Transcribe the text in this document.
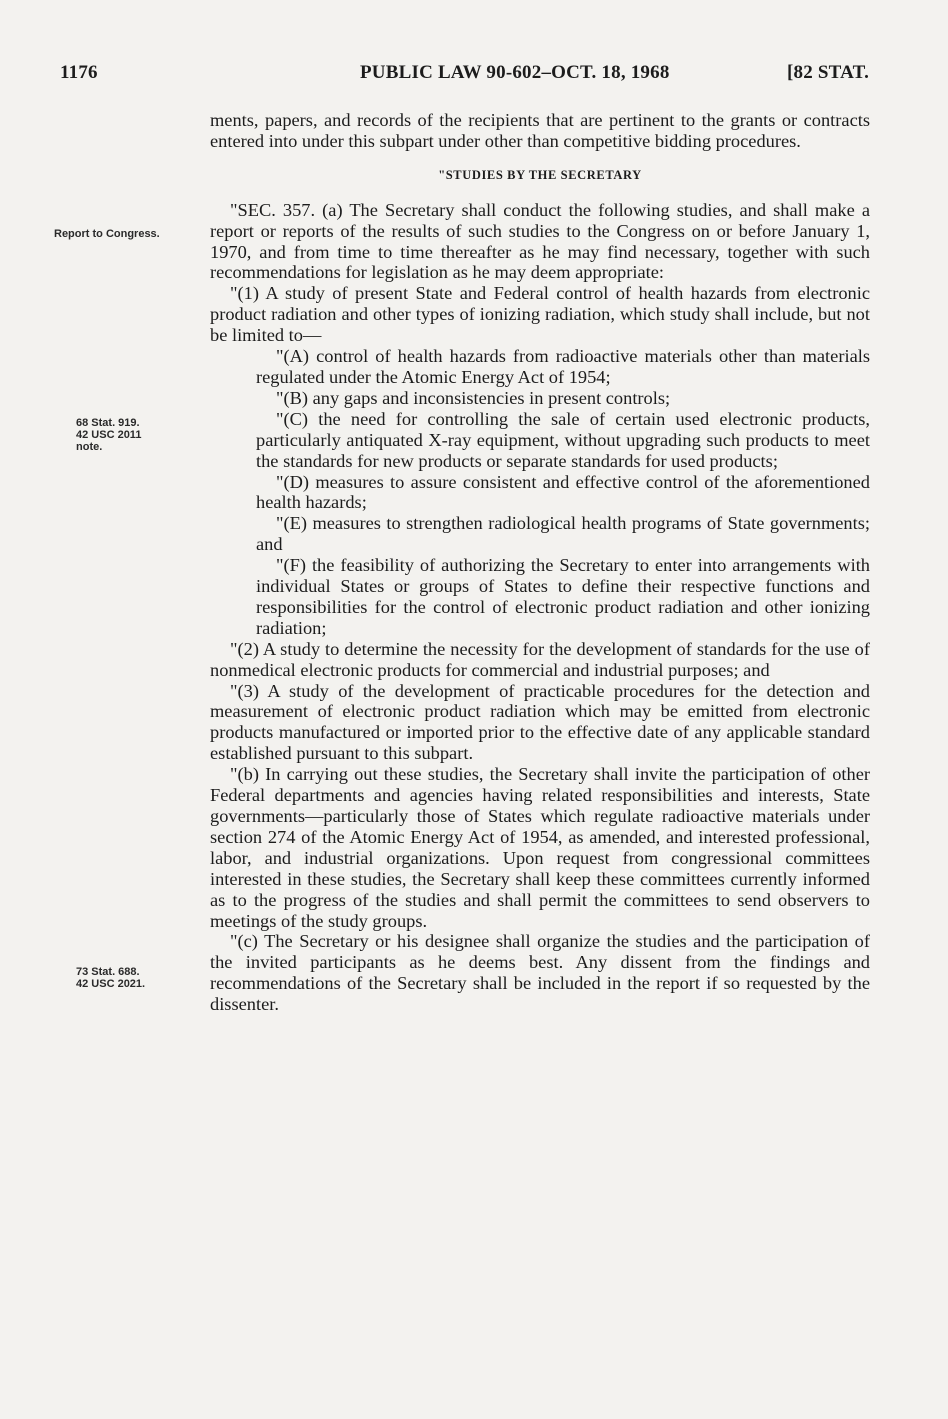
1176	PUBLIC LAW 90-602–OCT. 18, 1968	[82 STAT.
Report to Congress.
68 Stat. 919.
42 USC 2011
note.
73 Stat. 688.
42 USC 2021.

ments, papers, and records of the recipients that are pertinent to the grants or contracts entered into under this subpart under other than competitive bidding procedures.

"STUDIES BY THE SECRETARY

"SEC. 357. (a) The Secretary shall conduct the following studies, and shall make a report or reports of the results of such studies to the Congress on or before January 1, 1970, and from time to time thereafter as he may find necessary, together with such recommendations for legislation as he may deem appropriate:

"(1) A study of present State and Federal control of health hazards from electronic product radiation and other types of ionizing radiation, which study shall include, but not be limited to—

"(A) control of health hazards from radioactive materials other than materials regulated under the Atomic Energy Act of 1954;

"(B) any gaps and inconsistencies in present controls;

"(C) the need for controlling the sale of certain used electronic products, particularly antiquated X-ray equipment, without upgrading such products to meet the standards for new products or separate standards for used products;

"(D) measures to assure consistent and effective control of the aforementioned health hazards;

"(E) measures to strengthen radiological health programs of State governments; and

"(F) the feasibility of authorizing the Secretary to enter into arrangements with individual States or groups of States to define their respective functions and responsibilities for the control of electronic product radiation and other ionizing radiation;

"(2) A study to determine the necessity for the development of standards for the use of nonmedical electronic products for commercial and industrial purposes; and

"(3) A study of the development of practicable procedures for the detection and measurement of electronic product radiation which may be emitted from electronic products manufactured or imported prior to the effective date of any applicable standard established pursuant to this subpart.

"(b) In carrying out these studies, the Secretary shall invite the participation of other Federal departments and agencies having related responsibilities and interests, State governments—particularly those of States which regulate radioactive materials under section 274 of the Atomic Energy Act of 1954, as amended, and interested professional, labor, and industrial organizations. Upon request from congressional committees interested in these studies, the Secretary shall keep these committees currently informed as to the progress of the studies and shall permit the committees to send observers to meetings of the study groups.

"(c) The Secretary or his designee shall organize the studies and the participation of the invited participants as he deems best. Any dissent from the findings and recommendations of the Secretary shall be included in the report if so requested by the dissenter.
